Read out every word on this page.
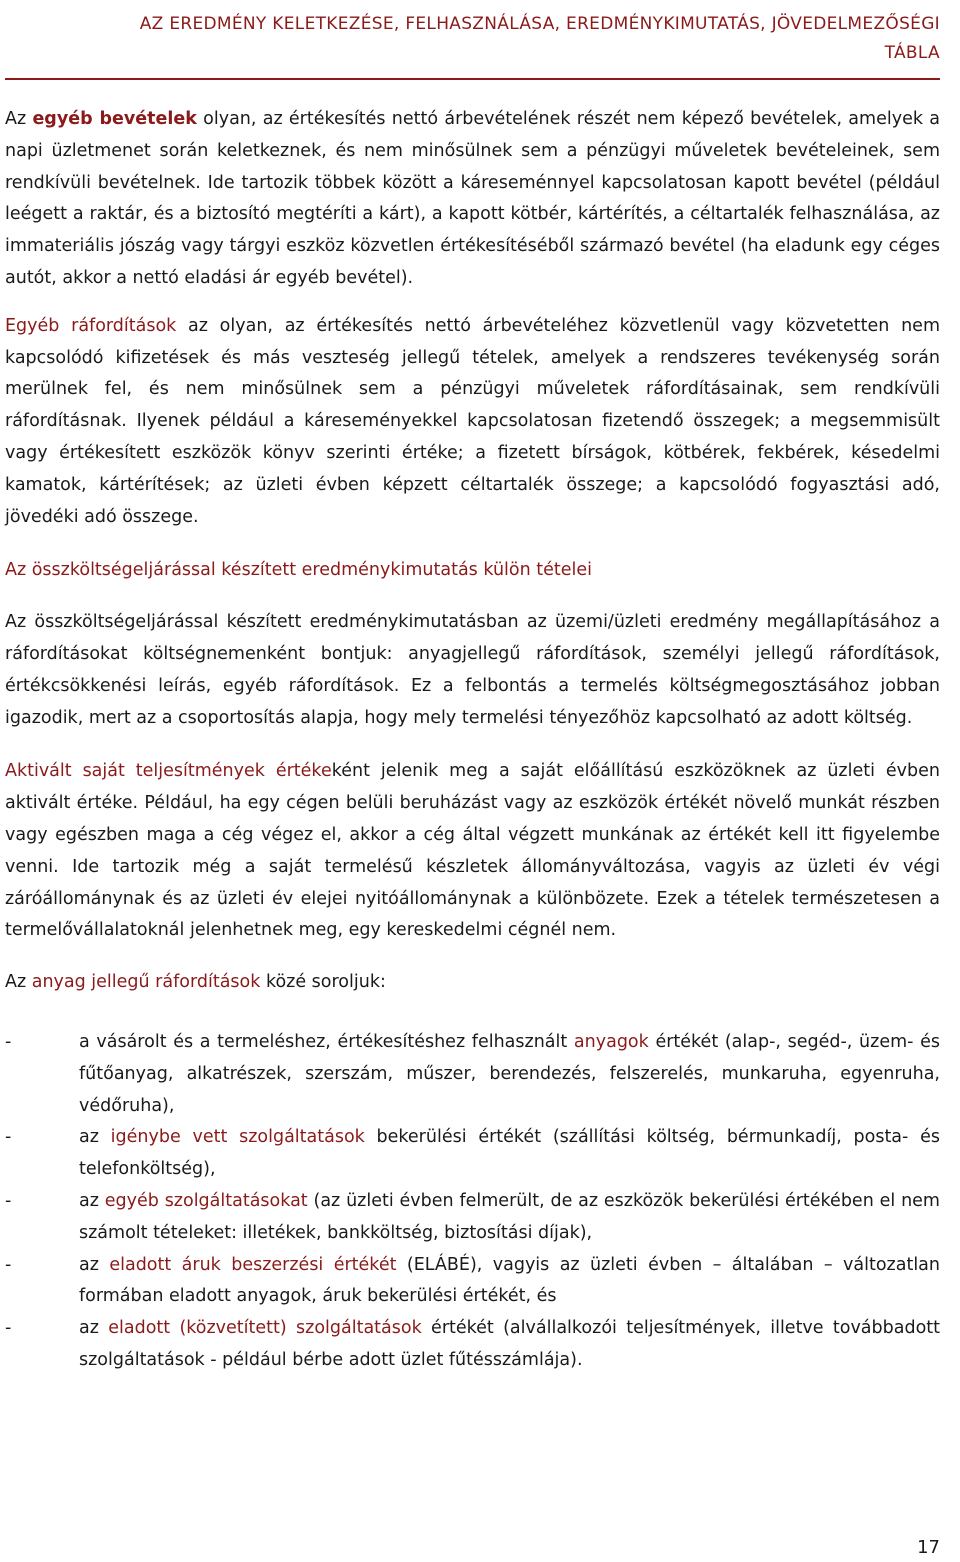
AZ EREDMÉNY KELETKEZÉSE, FELHASZNÁLÁSA, EREDMÉNYKIMUTATÁS, JÖVEDELMEZŐSÉGI
TÁBLA

Az egyéb bevételek olyan, az értékesítés nettó árbevételének részét nem képező bevételek, amelyek a napi üzletmenet során keletkeznek, és nem minősülnek sem a pénzügyi műveletek bevételeinek, sem rendkívüli bevételnek. Ide tartozik többek között a káreseménnyel kapcsolatosan kapott bevétel (például leégett a raktár, és a biztosító megtéríti a kárt), a kapott kötbér, kártérítés, a céltartalék felhasználása, az immateriális jószág vagy tárgyi eszköz közvetlen értékesítéséből származó bevétel (ha eladunk egy céges autót, akkor a nettó eladási ár egyéb bevétel).

Egyéb ráfordítások az olyan, az értékesítés nettó árbevételéhez közvetlenül vagy közvetetten nem kapcsolódó kifizetések és más veszteség jellegű tételek, amelyek a rendszeres tevékenység során merülnek fel, és nem minősülnek sem a pénzügyi műveletek ráfordításainak, sem rendkívüli ráfordításnak. Ilyenek például a káreseményekkel kapcsolatosan fizetendő összegek; a megsemmisült vagy értékesített eszközök könyv szerinti értéke; a fizetett bírságok, kötbérek, fekbérek, késedelmi kamatok, kártérítések; az üzleti évben képzett céltartalék összege; a kapcsolódó fogyasztási adó, jövedéki adó összege.

Az összköltségeljárással készített eredménykimutatás külön tételei

Az összköltségeljárással készített eredménykimutatásban az üzemi/üzleti eredmény megállapításához a ráfordításokat költségnemenként bontjuk: anyagjellegű ráfordítások, személyi jellegű ráfordítások, értékcsökkenési leírás, egyéb ráfordítások. Ez a felbontás a termelés költségmegosztásához jobban igazodik, mert az a csoportosítás alapja, hogy mely termelési tényezőhöz kapcsolható az adott költség.

Aktivált saját teljesítmények értékeként jelenik meg a saját előállítású eszközöknek az üzleti évben aktivált értéke. Például, ha egy cégen belüli beruházást vagy az eszközök értékét növelő munkát részben vagy egészben maga a cég végez el, akkor a cég által végzett munkának az értékét kell itt figyelembe venni. Ide tartozik még a saját termelésű készletek állományváltozása, vagyis az üzleti év végi záróállománynak és az üzleti év elejei nyitóállománynak a különbözete. Ezek a tételek természetesen a termelővállalatoknál jelenhetnek meg, egy kereskedelmi cégnél nem.

Az anyag jellegű ráfordítások közé soroljuk:

-	a vásárolt és a termeléshez, értékesítéshez felhasznált anyagok értékét (alap-, segéd-, üzem- és fűtőanyag, alkatrészek, szerszám, műszer, berendezés, felszerelés, munkaruha, egyenruha, védőruha),
-	az igénybe vett szolgáltatások bekerülési értékét (szállítási költség, bérmunkadíj, posta- és telefonköltség),
-	az egyéb szolgáltatásokat (az üzleti évben felmerült, de az eszközök bekerülési értékében el nem számolt tételeket: illetékek, bankköltség, biztosítási díjak),
-	az eladott áruk beszerzési értékét (ELÁBÉ), vagyis az üzleti évben – általában – változatlan formában eladott anyagok, áruk bekerülési értékét, és
-	az eladott (közvetített) szolgáltatások értékét (alvállalkozói teljesítmények, illetve továbbadott szolgáltatások - például bérbe adott üzlet fűtésszámlája).
17
